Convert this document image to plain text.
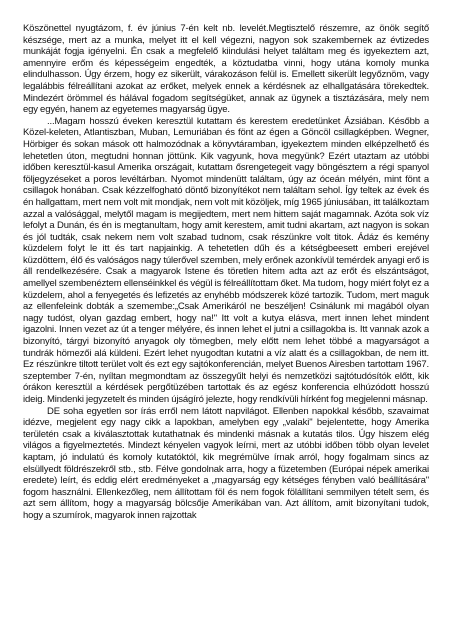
Köszönettel nyugtázom, f. év június 7-én kelt nb. levelét.Megtisztelő részemre, az önök segítő készsége, mert az a munka, melyet itt el kell végezni, nagyon sok szakembernek az évtizedes munkáját fogja igényelni. Én csak a megfelelő kiindulási helyet találtam meg és igyekeztem azt, amennyire erőm és képességeim engedték, a köztudatba vinni, hogy utána komoly munka elindulhasson. Úgy érzem, hogy ez sikerült, várakozáson felül is. Emellett sikerült legyőznöm, vagy legalábbis félreállítani azokat az erőket, melyek ennek a kérdésnek az elhallgatására törekedtek. Mindezért örömmel és hálával fogadom segítségüket, annak az ügynek a tisztázására, mely nem egy egyén, hanem az egyetemes magyarság ügye.

...Magam hosszú éveken keresztül kutattam és kerestem eredetünket Ázsiában. Később a Közel-keleten, Atlantiszban, Muban, Lemuriában és fönt az égen a Göncöl csillagképben. Wegner, Hörbiger és sokan mások ott halmozódnak a könyvtáramban, igyekeztem minden elképzelhető és lehetetlen úton, megtudni honnan jöttünk. Kik vagyunk, hova megyünk? Ezért utaztam az utóbbi időben keresztül-kasul Amerika országait, kutattam ősrengetegeit vagy böngésztem a régi spanyol följegyzéseket a poros levéltárban. Nyomot mindenütt találtam, úgy az óceán mélyén, mint fönt a csillagok honában. Csak kézzelfogható döntő bizonyítékot nem találtam sehol. Így teltek az évek és én hallgattam, mert nem volt mit mondjak, nem volt mit közöljek, míg 1965 júniusában, itt találkoztam azzal a valósággal, melytől magam is megijedtem, mert nem hittem saját magamnak. Azóta sok víz lefolyt a Dunán, és én is megtanultam, hogy amit kerestem, amit tudni akartam, azt nagyon is sokan és jól tudták, csak nekem nem volt szabad tudnom, csak részünkre volt titok. Ádáz és kemény küzdelem folyt le itt és tart napjainkig. A tehetetlen dűh és a kétségbeesett emberi erejével küzdöttem, élő és valóságos nagy túlerővel szemben, mely erőnek azonkívül temérdek anyagi erő is áll rendelkezésére. Csak a magyarok Istene és töretlen hitem adta azt az erőt és elszántságot, amellyel szembenéztem ellenséinkkel és végül is félreállítottam őket. Ma tudom, hogy miért folyt ez a küzdelem, ahol a fenyegetés és lefizetés az enyhébb módszerek közé tartozik. Tudom, mert maguk az ellenfeleink dobták a szemembe:„Csak Amerikáról ne beszéljen! Csinálunk mi magából olyan nagy tudóst, olyan gazdag embert, hogy na!" Itt volt a kutya elásva, mert innen lehet mindent igazolni. Innen vezet az út a tenger mélyére, és innen lehet el jutni a csillagokba is. Itt vannak azok a bizonyító, tárgyi bizonyító anyagok oly tömegben, mely előtt nem lehet többé a magyarságot a tundrák hömezői alá küldeni. Ezért lehet nyugodtan kutatni a víz alatt és a csillagokban, de nem itt. Ez részünkre tiltott terület volt és ezt egy sajtókonferencián, melyet Buenos Airesben tartottam 1967. szeptember 7-én, nyíltan megmondtam az összegyűlt helyi és nemzetközi sajtótudósítók előtt, kik órákon keresztül a kérdések pergőtüzében tartottak és az egész konferencia elhúzódott hosszú ideig. Mindenki jegyzetelt és minden újságíró jelezte, hogy rendkívüli hírként fog megjelenni másnap.

DE soha egyetlen sor írás erről nem látott napvilágot. Ellenben napokkal később, szavaimat idézve, megjelent egy nagy cikk a lapokban, amelyben egy „valaki" bejelentette, hogy Amerika területén csak a kiválasztottak kutathatnak és mindenki másnak a kutatás tilos. Úgy hiszem elég világos a figyelmeztetés. Mindezt kényelen vagyok leírni, mert az utóbbi időben több olyan levelet kaptam, jó indulatú és komoly kutatóktól, kik megrémülve írnak arról, hogy fogalmam sincs az elsüllyedt földrészekről stb., stb. Félve gondolnak arra, hogy a füzetemben (Európai népek amerikai eredete) leírt, és eddig elért eredményeket a „magyarság egy kétséges fényben való beállítására" fogom használni. Ellenkezőleg, nem állítottam föl és nem fogok fölállítani semmilyen tételt sem, és azt sem állítom, hogy a magyarság bölcsője Amerikában van. Azt állítom, amit bizonyítani tudok, hogy a szumírok, magyarok innen rajzottak
